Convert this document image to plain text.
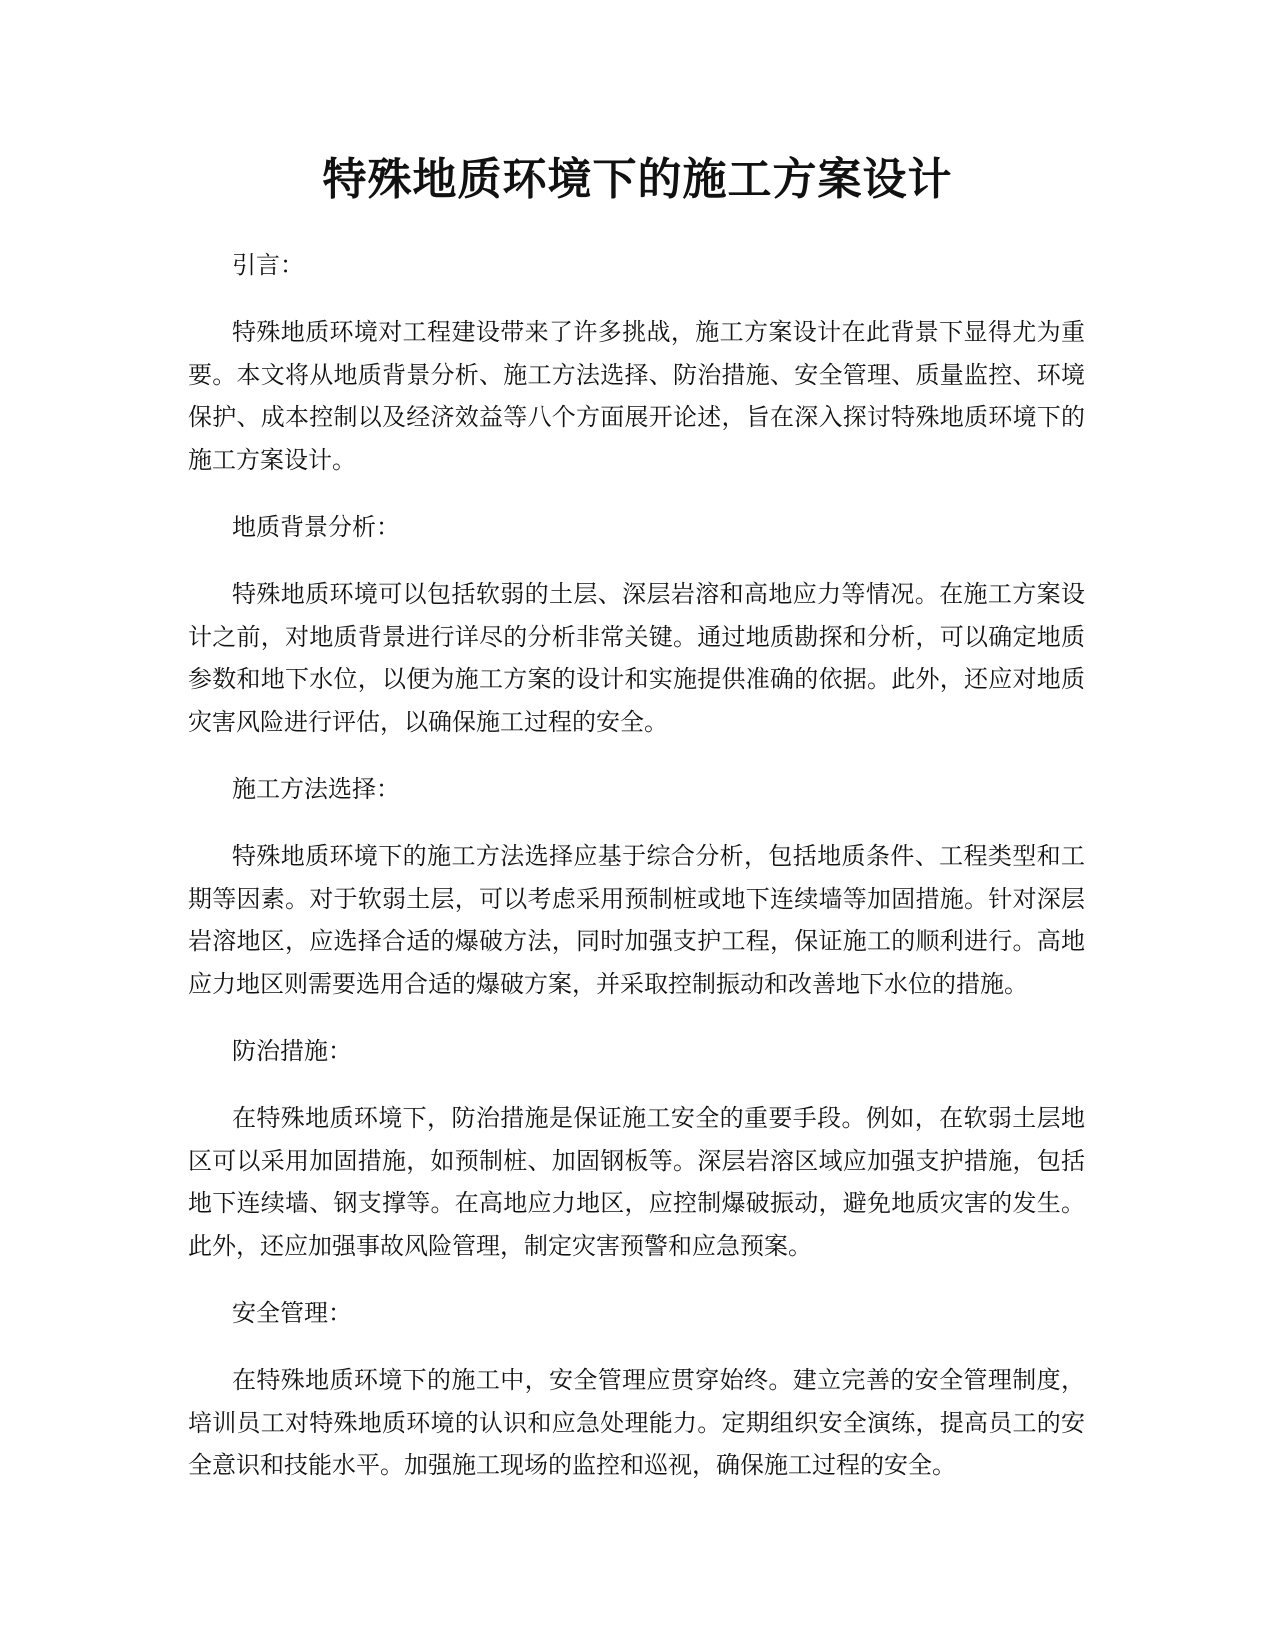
特殊地质环境下的施工方案设计

引言：

特殊地质环境对工程建设带来了许多挑战，施工方案设计在此背景下显得尤为重要。本文将从地质背景分析、施工方法选择、防治措施、安全管理、质量监控、环境保护、成本控制以及经济效益等八个方面展开论述，旨在深入探讨特殊地质环境下的施工方案设计。

地质背景分析：

特殊地质环境可以包括软弱的土层、深层岩溶和高地应力等情况。在施工方案设计之前，对地质背景进行详尽的分析非常关键。通过地质勘探和分析，可以确定地质参数和地下水位，以便为施工方案的设计和实施提供准确的依据。此外，还应对地质灾害风险进行评估，以确保施工过程的安全。

施工方法选择：

特殊地质环境下的施工方法选择应基于综合分析，包括地质条件、工程类型和工期等因素。对于软弱土层，可以考虑采用预制桩或地下连续墙等加固措施。针对深层岩溶地区，应选择合适的爆破方法，同时加强支护工程，保证施工的顺利进行。高地应力地区则需要选用合适的爆破方案，并采取控制振动和改善地下水位的措施。

防治措施：

在特殊地质环境下，防治措施是保证施工安全的重要手段。例如，在软弱土层地区可以采用加固措施，如预制桩、加固钢板等。深层岩溶区域应加强支护措施，包括地下连续墙、钢支撑等。在高地应力地区，应控制爆破振动，避免地质灾害的发生。此外，还应加强事故风险管理，制定灾害预警和应急预案。

安全管理：

在特殊地质环境下的施工中，安全管理应贯穿始终。建立完善的安全管理制度，培训员工对特殊地质环境的认识和应急处理能力。定期组织安全演练，提高员工的安全意识和技能水平。加强施工现场的监控和巡视，确保施工过程的安全。
